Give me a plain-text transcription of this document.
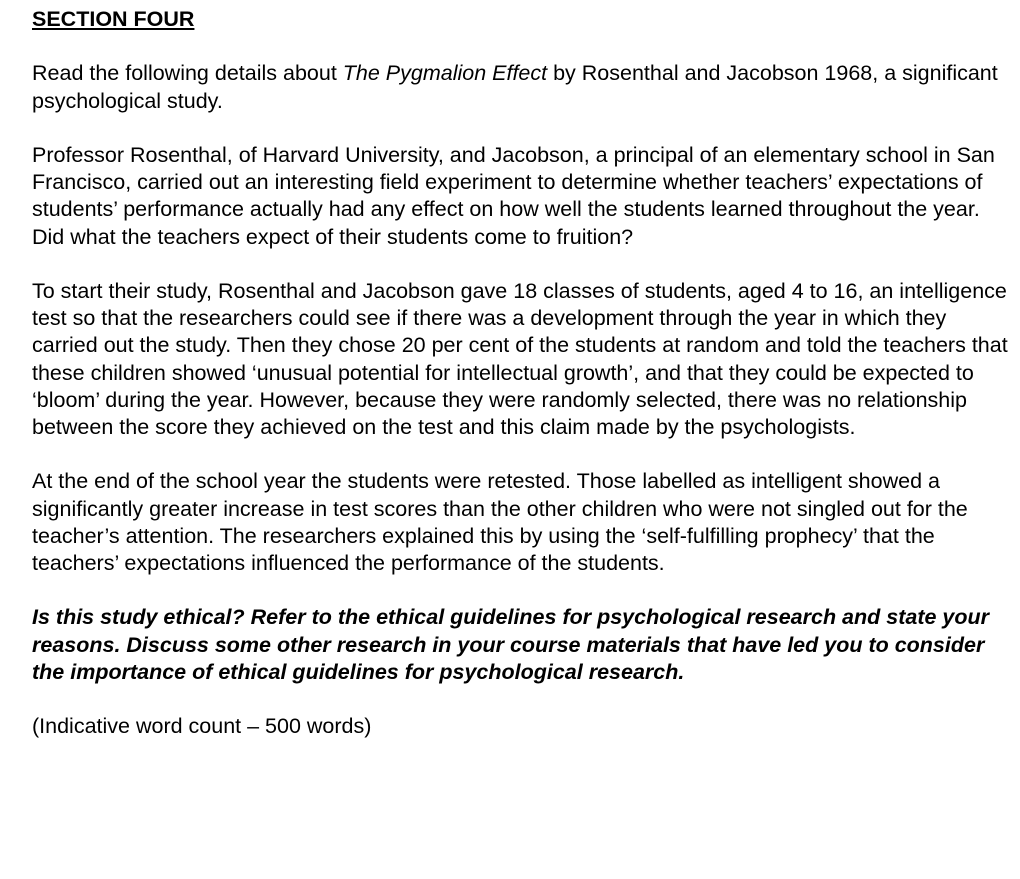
SECTION FOUR

Read the following details about The Pygmalion Effect by Rosenthal and Jacobson 1968, a significant psychological study.

Professor Rosenthal, of Harvard University, and Jacobson, a principal of an elementary school in San Francisco, carried out an interesting field experiment to determine whether teachers’ expectations of students’ performance actually had any effect on how well the students learned throughout the year. Did what the teachers expect of their students come to fruition?

To start their study, Rosenthal and Jacobson gave 18 classes of students, aged 4 to 16, an intelligence test so that the researchers could see if there was a development through the year in which they carried out the study. Then they chose 20 per cent of the students at random and told the teachers that these children showed ‘unusual potential for intellectual growth’, and that they could be expected to ‘bloom’ during the year. However, because they were randomly selected, there was no relationship between the score they achieved on the test and this claim made by the psychologists.

At the end of the school year the students were retested. Those labelled as intelligent showed a significantly greater increase in test scores than the other children who were not singled out for the teacher’s attention. The researchers explained this by using the ‘self-fulfilling prophecy’ that the teachers’ expectations influenced the performance of the students.

Is this study ethical? Refer to the ethical guidelines for psychological research and state your reasons. Discuss some other research in your course materials that have led you to consider the importance of ethical guidelines for psychological research.

(Indicative word count – 500 words)
